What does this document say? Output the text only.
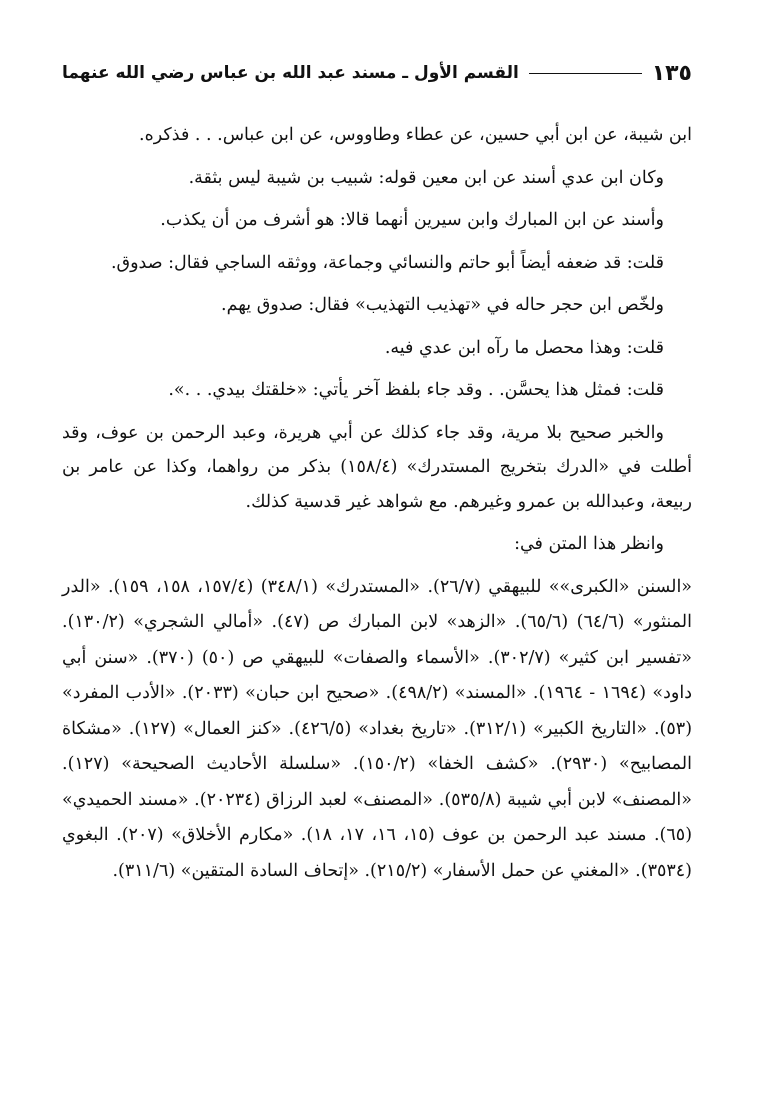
القسم الأول ـ مسند عبد الله بن عباس رضي الله عنهما	١٣٥

ابن شيبة، عن ابن أبي حسين، عن عطاء وطاووس، عن ابن عباس. . . فذكره.

وكان ابن عدي أسند عن ابن معين قوله: شبيب بن شيبة ليس بثقة.

وأسند عن ابن المبارك وابن سيرين أنهما قالا: هو أشرف من أن يكذب.

قلت: قد ضعفه أيضاً أبو حاتم والنسائي وجماعة، ووثقه الساجي فقال: صدوق.

ولخّص ابن حجر حاله في «تهذيب التهذيب» فقال: صدوق يهم.

قلت: وهذا محصل ما رآه ابن عدي فيه.

قلت: فمثل هذا يحسَّن. . وقد جاء بلفظ آخر يأتي: «خلقتك بيدي. . .».

والخبر صحيح بلا مرية، وقد جاء كذلك عن أبي هريرة، وعبد الرحمن بن عوف، وقد أطلت في «الدرك بتخريج المستدرك» (١٥٨/٤) بذكر من رواهما، وكذا عن عامر بن ربيعة، وعبدالله بن عمرو وغيرهم. مع شواهد غير قدسية كذلك.

وانظر هذا المتن في:

«السنن «الكبرى»» للبيهقي (٢٦/٧). «المستدرك» (٣٤٨/١) (١٥٧/٤، ١٥٨، ١٥٩). «الدر المنثور» (٦٤/٦) (٦٥/٦). «الزهد» لابن المبارك ص (٤٧). «أمالي الشجري» (١٣٠/٢). «تفسير ابن كثير» (٣٠٢/٧). «الأسماء والصفات» للبيهقي ص (٥٠) (٣٧٠). «سنن أبي داود» (١٦٩٤ - ١٩٦٤). «المسند» (٤٩٨/٢). «صحيح ابن حبان» (٢٠٣٣). «الأدب المفرد» (٥٣). «التاريخ الكبير» (٣١٢/١). «تاريخ بغداد» (٤٢٦/٥). «كنز العمال» (١٢٧). «مشكاة المصابيح» (٢٩٣٠). «كشف الخفا» (١٥٠/٢). «سلسلة الأحاديث الصحيحة» (١٢٧). «المصنف» لابن أبي شيبة (٥٣٥/٨). «المصنف» لعبد الرزاق (٢٠٢٣٤). «مسند الحميدي» (٦٥). مسند عبد الرحمن بن عوف (١٥، ١٦، ١٧، ١٨). «مكارم الأخلاق» (٢٠٧). البغوي (٣٥٣٤). «المغني عن حمل الأسفار» (٢١٥/٢). «إتحاف السادة المتقين» (٣١١/٦).
